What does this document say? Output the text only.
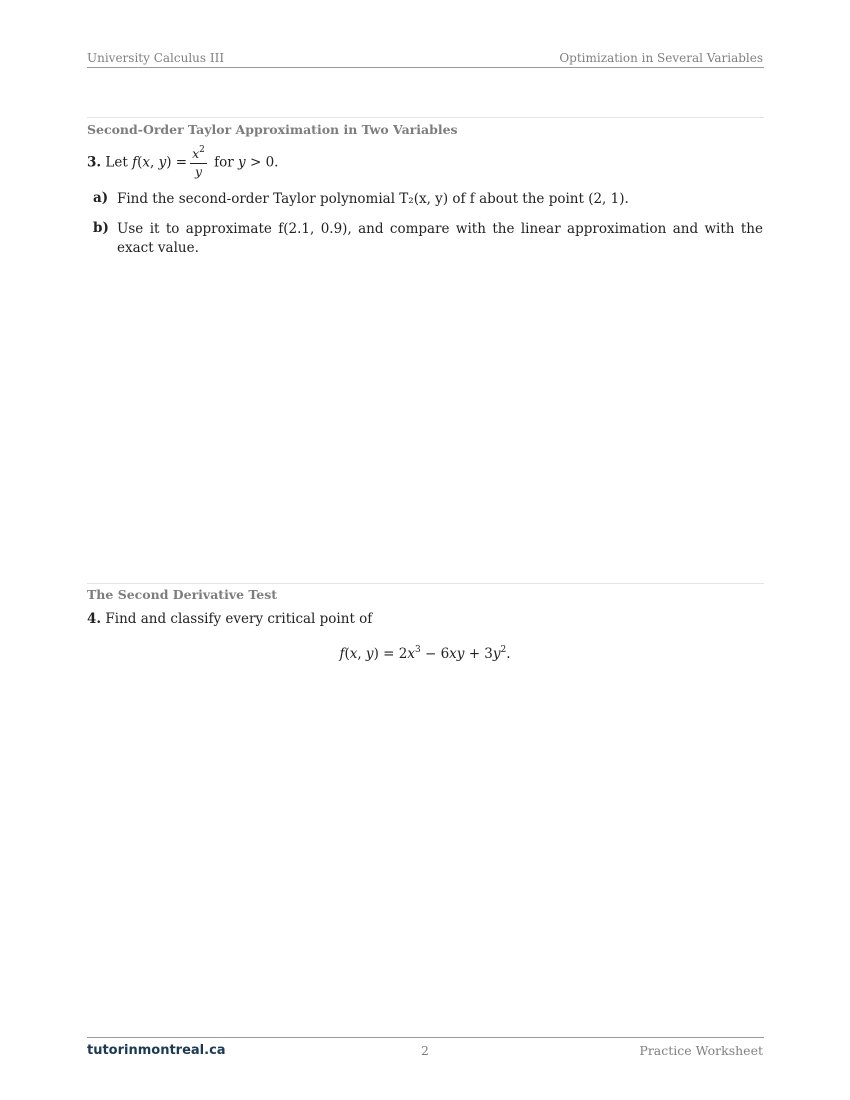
University Calculus III	Optimization in Several Variables
Second-Order Taylor Approximation in Two Variables
3. Let f(x, $y) = \frac{x^2}{y}$ for y > 0.
a) Find the second-order Taylor polynomial T₂(x, y) of f about the point (2, 1).
b) Use it to approximate f(2.1, 0.9), and compare with the linear approximation and with the exact value.
The Second Derivative Test
4. Find and classify every critical point of
f(x, $y) = 2x^3 - 6xy + 3y^2$.
tutorinmontreal.ca	2	Practice Worksheet
